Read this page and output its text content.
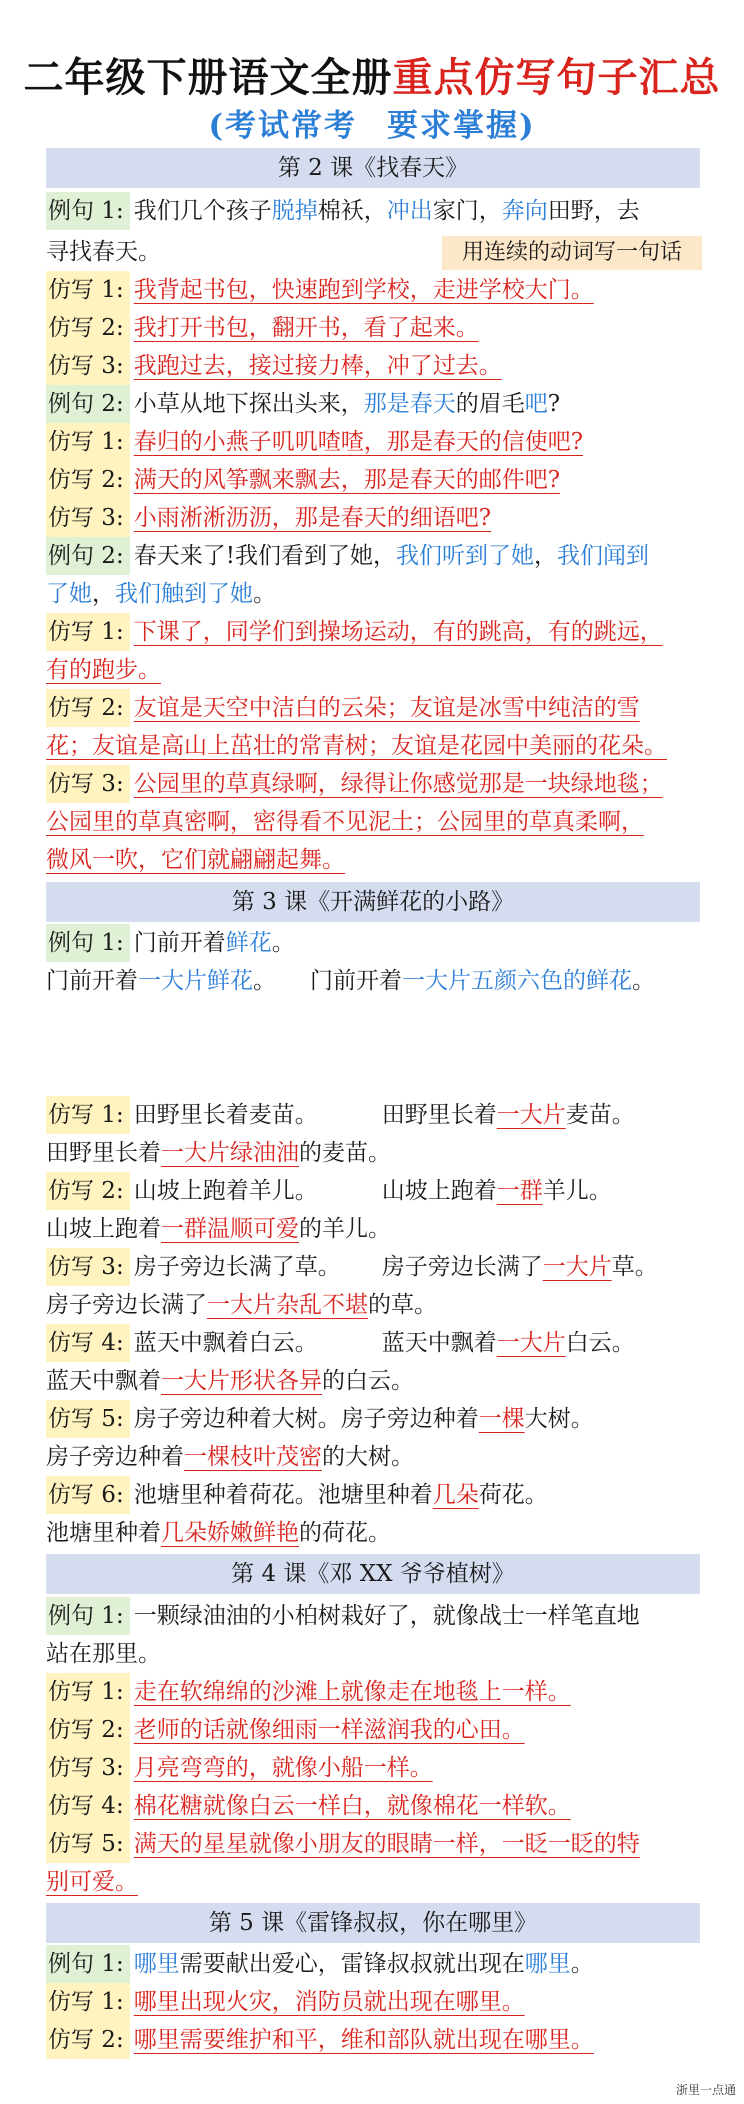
二年级下册语文全册重点仿写句子汇总
(考试常考 要求掌握)
第 2 课《找春天》
例句 1: 我们几个孩子脱掉棉袄，冲出家门，奔向田野，去
寻找春天。	用连续的动词写一句话
仿写 1: 我背起书包，快速跑到学校，走进学校大门。
仿写 2: 我打开书包，翻开书，看了起来。
仿写 3: 我跑过去，接过接力棒，冲了过去。
例句 2: 小草从地下探出头来，那是春天的眉毛吧?
仿写 1: 春归的小燕子叽叽喳喳，那是春天的信使吧?
仿写 2: 满天的风筝飘来飘去，那是春天的邮件吧?
仿写 3: 小雨淅淅沥沥，那是春天的细语吧?
例句 2: 春天来了!我们看到了她，我们听到了她，我们闻到
了她，我们触到了她。
仿写 1: 下课了，同学们到操场运动，有的跳高，有的跳远，
有的跑步。
仿写 2: 友谊是天空中洁白的云朵；友谊是冰雪中纯洁的雪
花；友谊是高山上茁壮的常青树；友谊是花园中美丽的花朵。
仿写 3: 公园里的草真绿啊，绿得让你感觉那是一块绿地毯；
公园里的草真密啊，密得看不见泥土；公园里的草真柔啊，
微风一吹，它们就翩翩起舞。
第 3 课《开满鲜花的小路》
例句 1: 门前开着鲜花。
门前开着一大片鲜花。 门前开着一大片五颜六色的鲜花。
仿写 1: 田野里长着麦苗。	田野里长着一大片麦苗。
田野里长着一大片绿油油的麦苗。
仿写 2: 山坡上跑着羊儿。	山坡上跑着一群羊儿。
山坡上跑着一群温顺可爱的羊儿。
仿写 3: 房子旁边长满了草。 房子旁边长满了一大片草。
房子旁边长满了一大片杂乱不堪的草。
仿写 4: 蓝天中飘着白云。	蓝天中飘着一大片白云。
蓝天中飘着一大片形状各异的白云。
仿写 5: 房子旁边种着大树。房子旁边种着一棵大树。
房子旁边种着一棵枝叶茂密的大树。
仿写 6: 池塘里种着荷花。池塘里种着几朵荷花。
池塘里种着几朵娇嫩鲜艳的荷花。
第 4 课《邓 XX 爷爷植树》
例句 1: 一颗绿油油的小柏树栽好了，就像战士一样笔直地
站在那里。
仿写 1: 走在软绵绵的沙滩上就像走在地毯上一样。
仿写 2: 老师的话就像细雨一样滋润我的心田。
仿写 3: 月亮弯弯的，就像小船一样。
仿写 4: 棉花糖就像白云一样白，就像棉花一样软。
仿写 5: 满天的星星就像小朋友的眼睛一样，一眨一眨的特
别可爱。
第 5 课《雷锋叔叔，你在哪里》
例句 1: 哪里需要献出爱心，雷锋叔叔就出现在哪里。
仿写 1: 哪里出现火灾，消防员就出现在哪里。
仿写 2: 哪里需要维护和平，维和部队就出现在哪里。
浙里一点通
